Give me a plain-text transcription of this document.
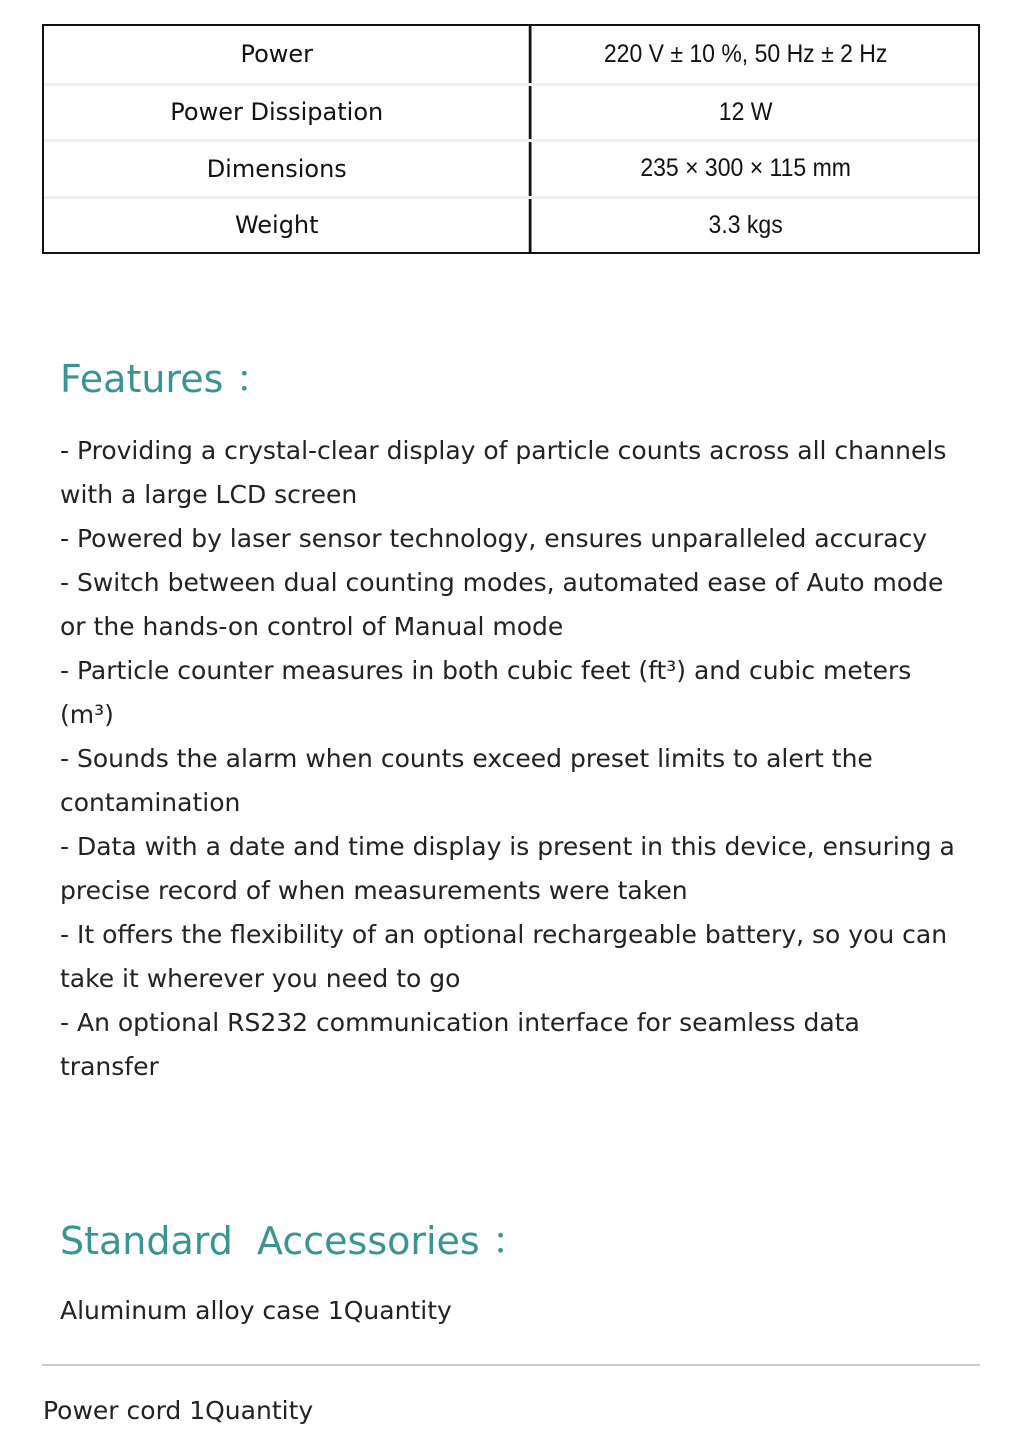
Power	220 V ± 10 %, 50 Hz ± 2 Hz
Power Dissipation	12 W
Dimensions	235 × 300 × 115 mm
Weight	3.3 kgs
Features ：
- Providing a crystal-clear display of particle counts across all channels with a large LCD screen
- Powered by laser sensor technology, ensures unparalleled accuracy
- Switch between dual counting modes, automated ease of Auto mode or the hands-on control of Manual mode
- Particle counter measures in both cubic feet (ft³) and cubic meters (m³)
- Sounds the alarm when counts exceed preset limits to alert the contamination
- Data with a date and time display is present in this device, ensuring a precise record of when measurements were taken
- It offers the flexibility of an optional rechargeable battery, so you can take it wherever you need to go
- An optional RS232 communication interface for seamless data transfer
Standard  Accessories ：
Aluminum alloy case 1Quantity
Power cord 1Quantity
